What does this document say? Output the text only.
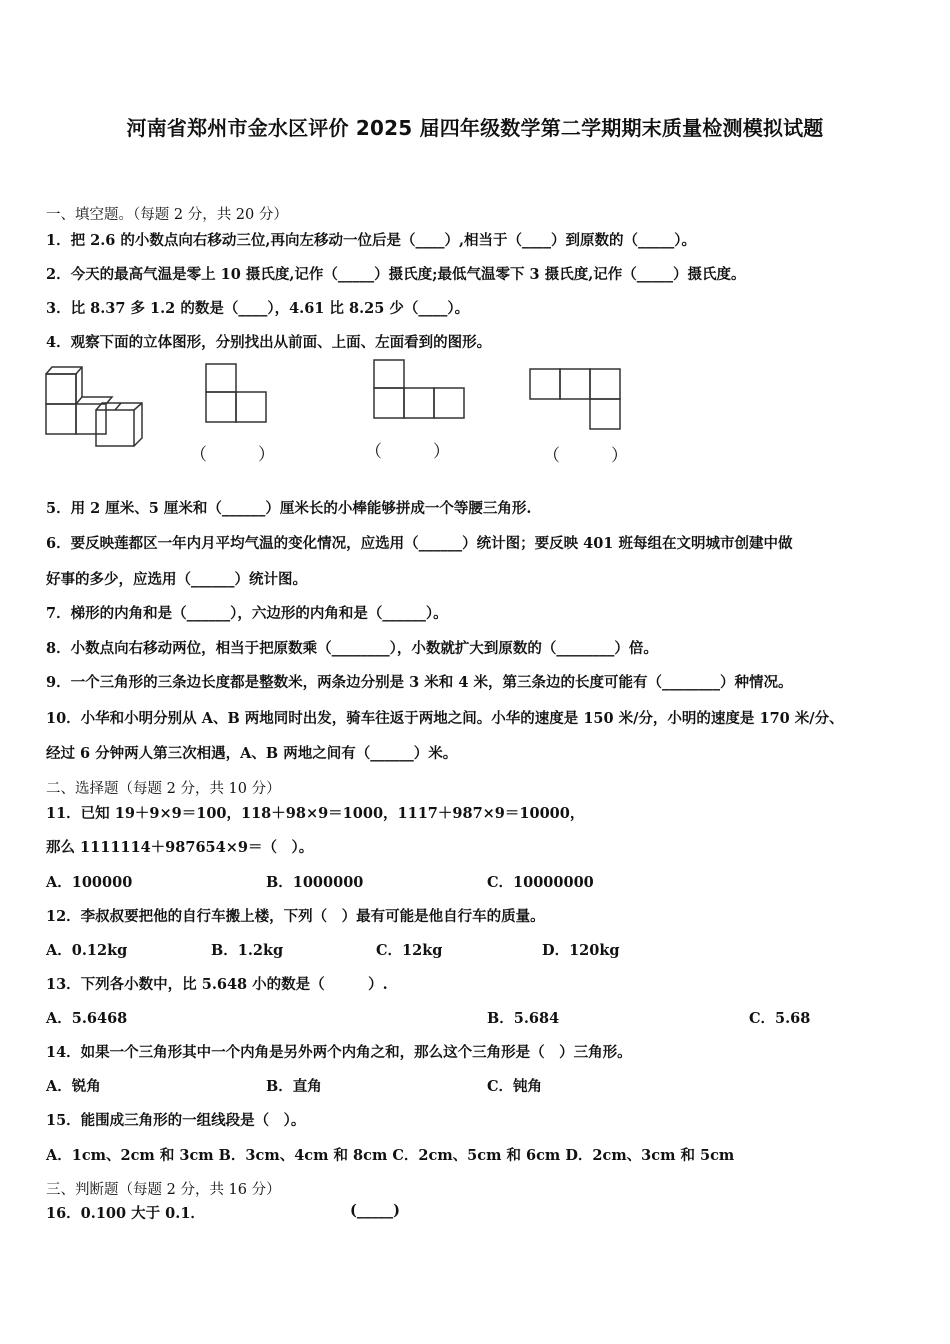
河南省郑州市金水区评价 2025 届四年级数学第二学期期末质量检测模拟试题
一、填空题。（每题 2 分，共 20 分）
1．把 2.6 的小数点向右移动三位,再向左移动一位后是（____）,相当于（____）到原数的（_____）。
2．今天的最高气温是零上 10 摄氏度,记作（_____）摄氏度;最低气温零下 3 摄氏度,记作（_____）摄氏度。
3．比 8.37 多 1.2 的数是（____），4.61 比 8.25 少（____）。
4．观察下面的立体图形，分别找出从前面、上面、左面看到的图形。
（　　　）	（　　　）	（　　　）
5．用 2 厘米、5 厘米和（______）厘米长的小棒能够拼成一个等腰三角形.
6．要反映莲都区一年内月平均气温的变化情况，应选用（______）统计图；要反映 401 班每组在文明城市创建中做
好事的多少，应选用（______）统计图。
7．梯形的内角和是（______），六边形的内角和是（______）。
8．小数点向右移动两位，相当于把原数乘（________），小数就扩大到原数的（________）倍。
9．一个三角形的三条边长度都是整数米，两条边分别是 3 米和 4 米，第三条边的长度可能有（________）种情况。
10．小华和小明分别从 A、B 两地同时出发，骑车往返于两地之间。小华的速度是 150 米/分，小明的速度是 170 米/分、
经过 6 分钟两人第三次相遇，A、B 两地之间有（______）米。
二、选择题（每题 2 分，共 10 分）
11．已知 19＋9×9＝100，118＋98×9＝1000，1117＋987×9＝10000，
那么 1111114＋987654×9＝（　）。
A．100000	B．1000000	C．10000000
12．李叔叔要把他的自行车搬上楼，下列（　）最有可能是他自行车的质量。
A．0.12kg	B．1.2kg	C．12kg	D．120kg
13．下列各小数中，比 5.648 小的数是（　　　）.
A．5.6468	B．5.684	C．5.68
14．如果一个三角形其中一个内角是另外两个内角之和，那么这个三角形是（　）三角形。
A．锐角	B．直角	C．钝角
15．能围成三角形的一组线段是（　）。
A．1cm、2cm 和 3cm B．3cm、4cm 和 8cm C．2cm、5cm 和 6cm D．2cm、3cm 和 5cm
三、判断题（每题 2 分，共 16 分）
16．0.100 大于 0.1．	(_____)
